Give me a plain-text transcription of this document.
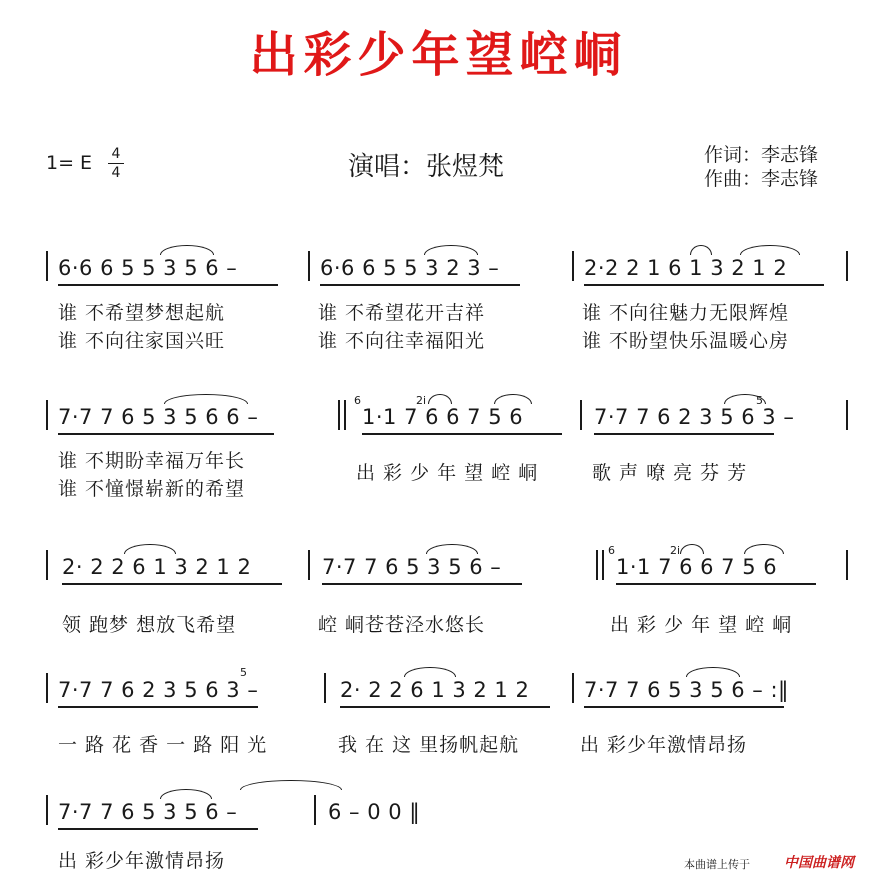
出彩少年望崆峒
1= E 4
4	演唱：张煜梵	作词：李志锋
作曲：李志锋
6·6 6 5 5 3 5 6 –	6·6 6 5 5 3 2 3 –	2·2 2 1 6 1 3 2 1 2
谁 不希望梦想起航	谁 不希望花开吉祥	谁 不向往魅力无限辉煌
谁 不向往家国兴旺	谁 不向往幸福阳光	谁 不盼望快乐温暖心房
7·7 7 6 5 3 5 6 6 –
6
1·1 7 6 6 7 5 6
2i
7·7 7 6 2 3 5 6 3 –
5
谁 不期盼幸福万年长
出 彩 少 年 望 崆 峒	歌 声 嘹 亮 芬 芳
谁 不憧憬崭新的希望
2· 2 2 6 1 3 2 1 2	7·7 7 6 5 3 5 6 –
6
1·1 7 6 6 7 5 6
2i
领 跑梦 想放飞希望	崆 峒苍苍泾水悠长	出 彩 少 年 望 崆 峒
7·7 7 6 2 3 5 6 3 –
5
2· 2 2 6 1 3 2 1 2	7·7 7 6 5 3 5 6 – :‖
一 路 花 香 一 路 阳 光	我 在 这 里扬帆起航	出 彩少年激情昂扬
7·7 7 6 5 3 5 6 –	6 – 0 0 ‖
出 彩少年激情昂扬	本曲谱上传于 中国曲谱网
